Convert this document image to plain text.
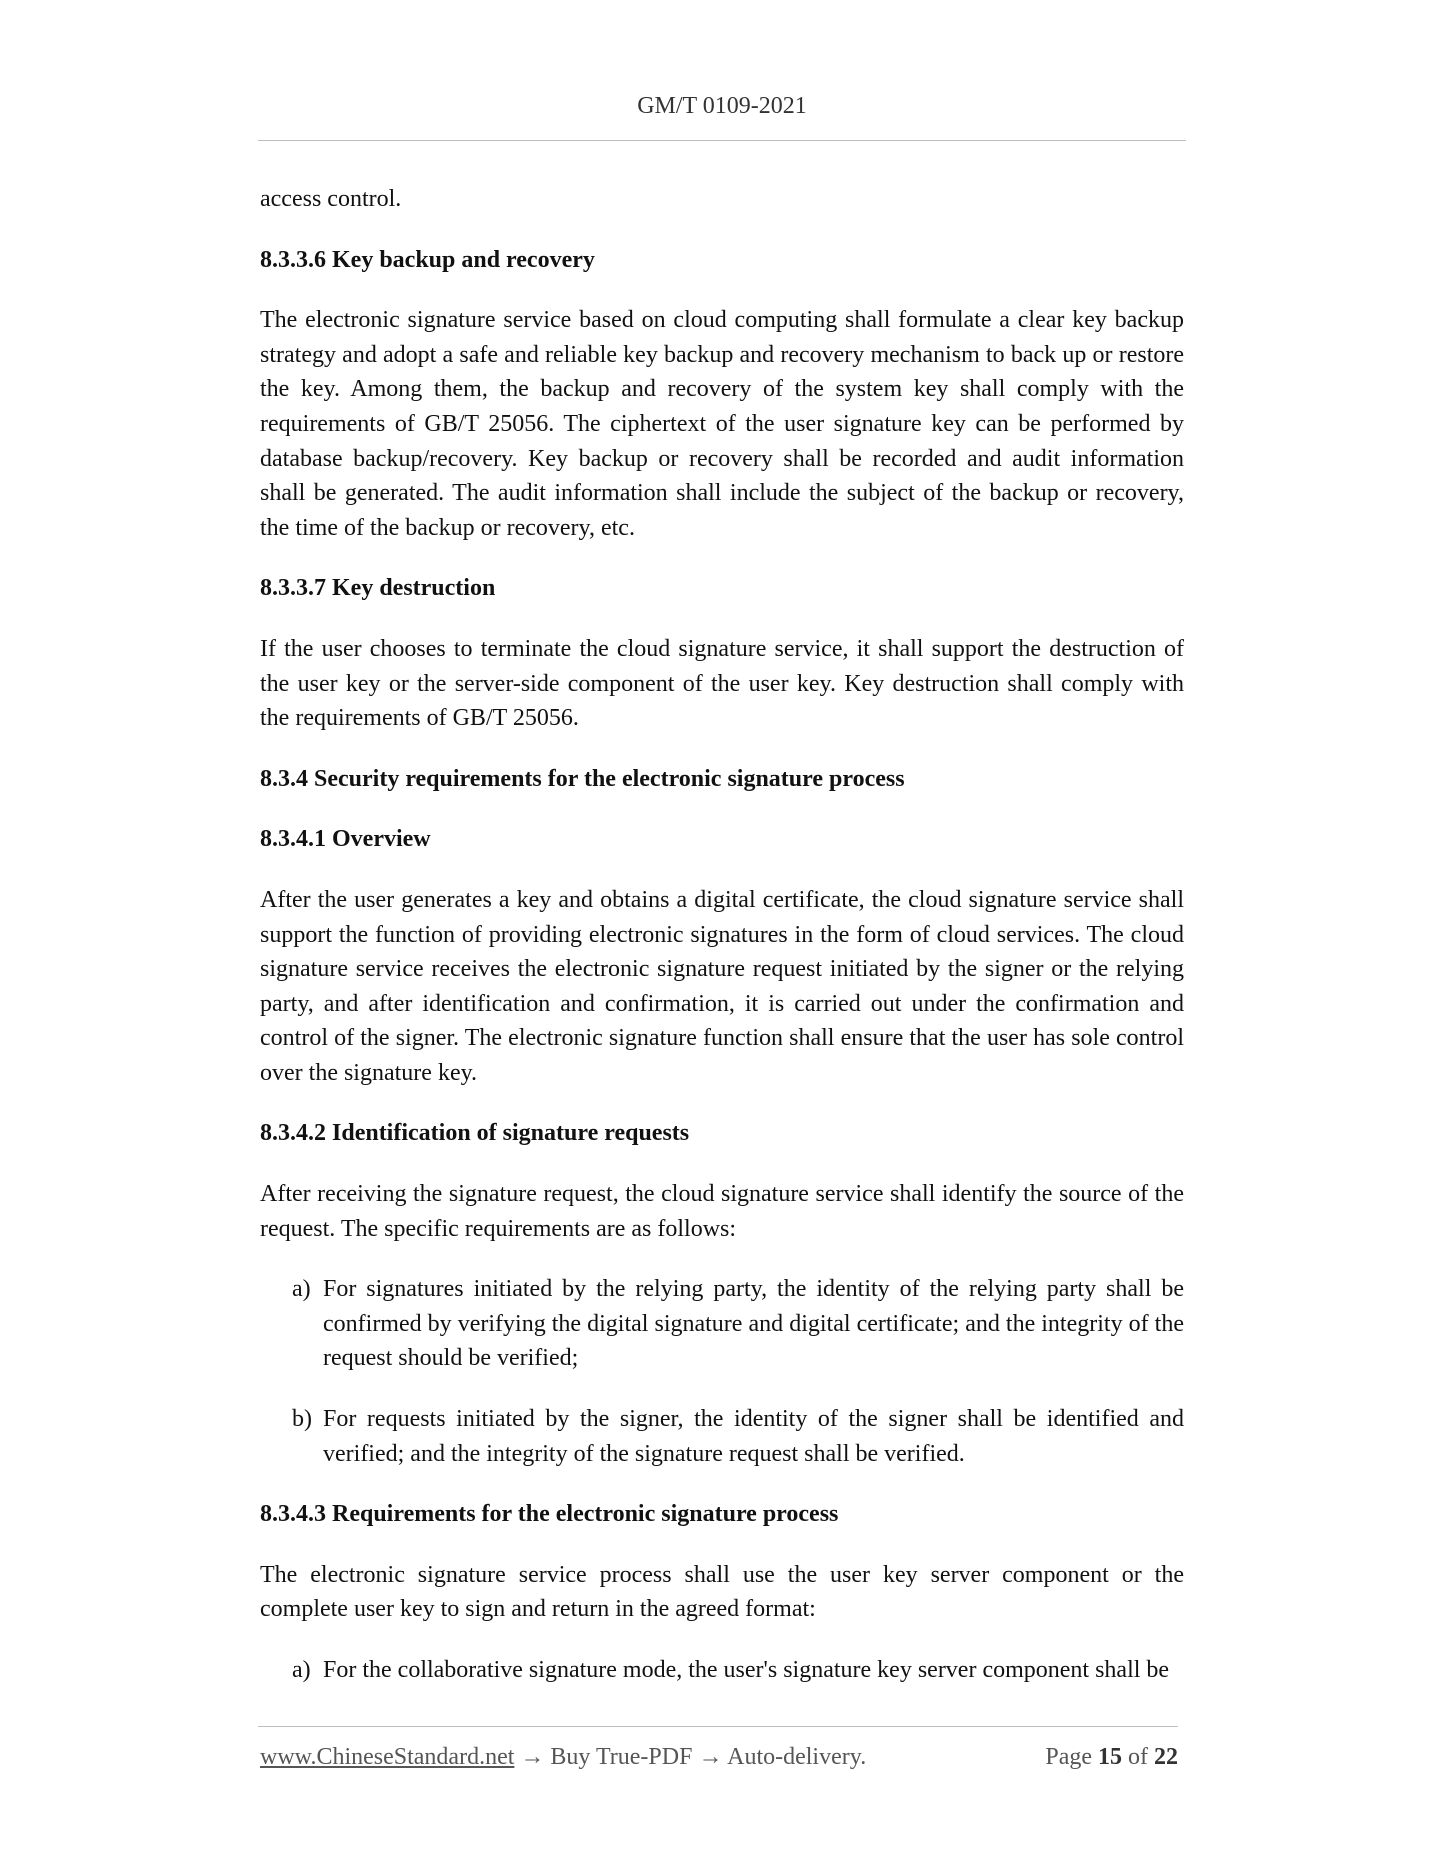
GM/T 0109-2021

access control.

8.3.3.6 Key backup and recovery

The electronic signature service based on cloud computing shall formulate a clear key backup strategy and adopt a safe and reliable key backup and recovery mechanism to back up or restore the key. Among them, the backup and recovery of the system key shall comply with the requirements of GB/T 25056. The ciphertext of the user signature key can be performed by database backup/recovery. Key backup or recovery shall be recorded and audit information shall be generated. The audit information shall include the subject of the backup or recovery, the time of the backup or recovery, etc.

8.3.3.7 Key destruction

If the user chooses to terminate the cloud signature service, it shall support the destruction of the user key or the server-side component of the user key. Key destruction shall comply with the requirements of GB/T 25056.

8.3.4 Security requirements for the electronic signature process
8.3.4.1 Overview

After the user generates a key and obtains a digital certificate, the cloud signature service shall support the function of providing electronic signatures in the form of cloud services. The cloud signature service receives the electronic signature request initiated by the signer or the relying party, and after identification and confirmation, it is carried out under the confirmation and control of the signer. The electronic signature function shall ensure that the user has sole control over the signature key.

8.3.4.2 Identification of signature requests

After receiving the signature request, the cloud signature service shall identify the source of the request. The specific requirements are as follows:

a) For signatures initiated by the relying party, the identity of the relying party shall be confirmed by verifying the digital signature and digital certificate; and the integrity of the request should be verified;
b) For requests initiated by the signer, the identity of the signer shall be identified and verified; and the integrity of the signature request shall be verified.
8.3.4.3 Requirements for the electronic signature process

The electronic signature service process shall use the user key server component or the complete user key to sign and return in the agreed format:

a) For the collaborative signature mode, the user's signature key server component shall be
www.ChineseStandard.net → Buy True-PDF → Auto-delivery.	Page 15 of 22
